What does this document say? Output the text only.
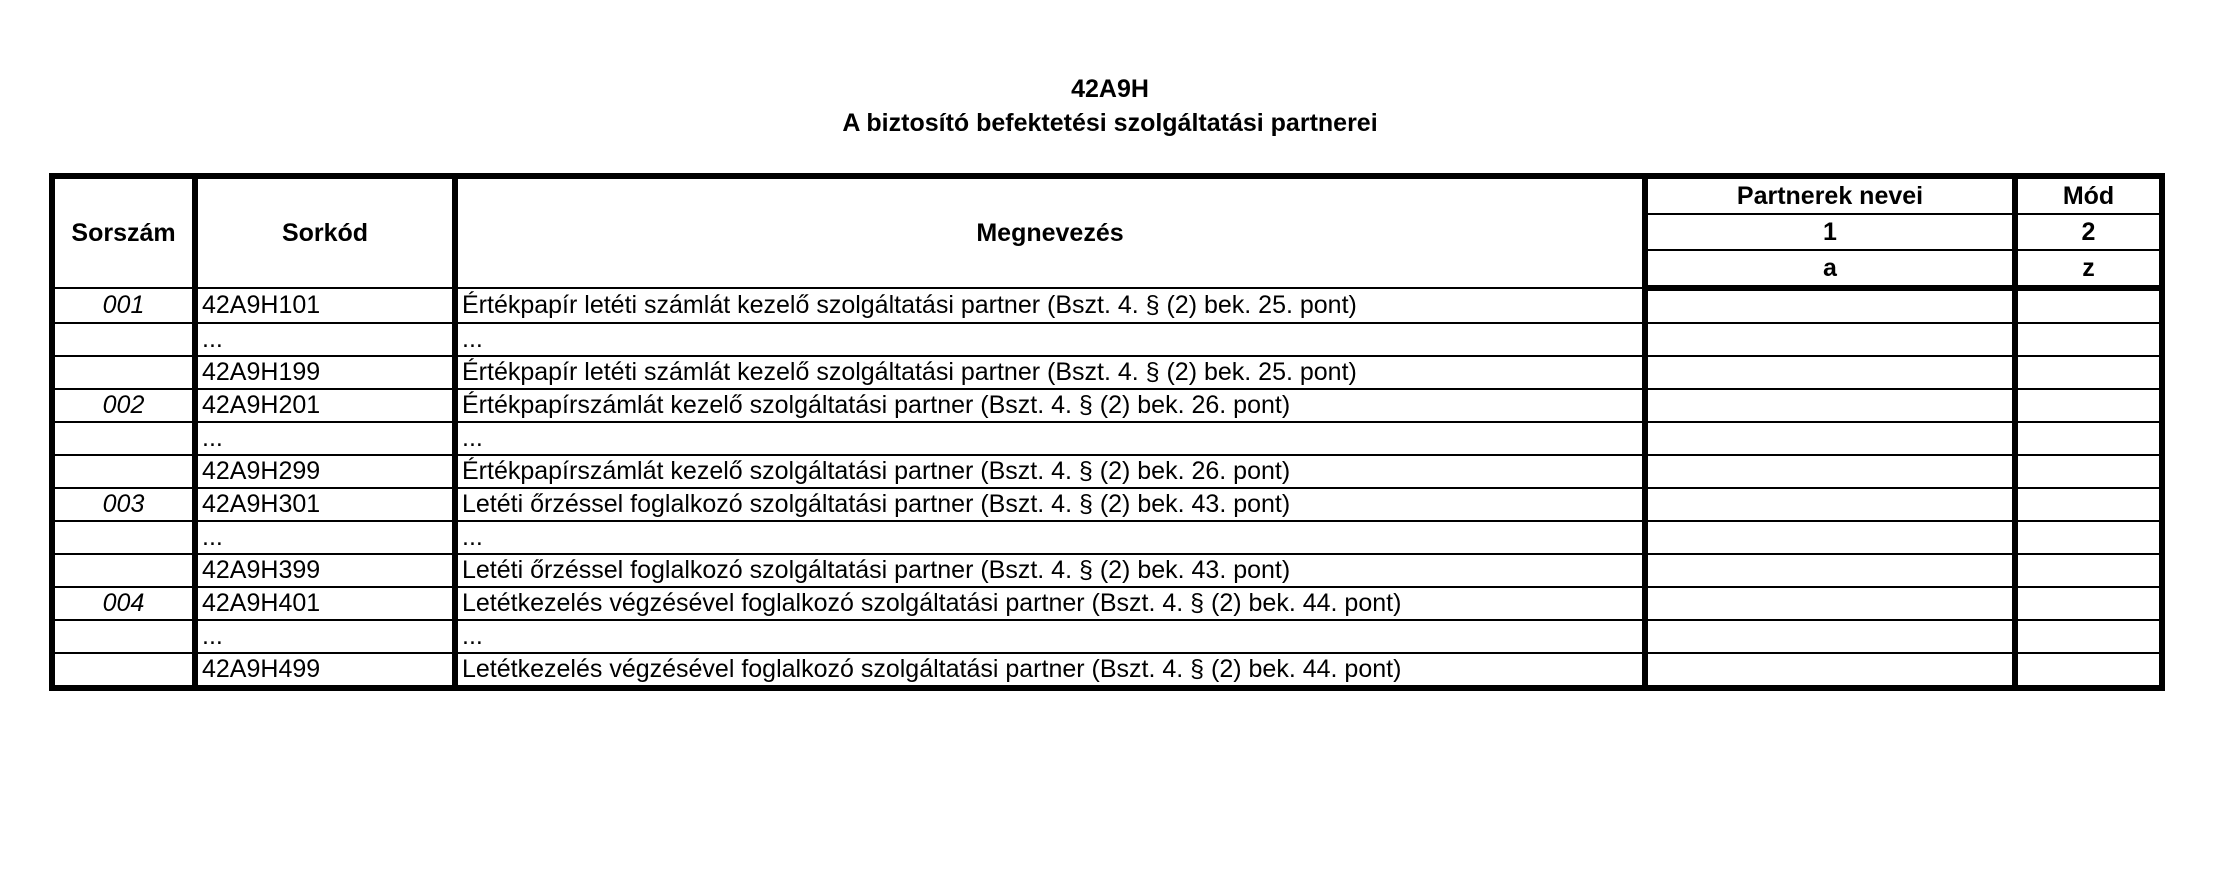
42A9H
A biztosító befektetési szolgáltatási partnerei
Sorszám	Sorkód	Megnevezés	Partnerek nevei	Mód
			1	2
			a	z
001	42A9H101	Értékpapír letéti számlát kezelő szolgáltatási partner (Bszt. 4. § (2) bek. 25. pont)		
	...	...		
	42A9H199	Értékpapír letéti számlát kezelő szolgáltatási partner (Bszt. 4. § (2) bek. 25. pont)		
002	42A9H201	Értékpapírszámlát kezelő szolgáltatási partner (Bszt. 4. § (2) bek. 26. pont)		
	...	...		
	42A9H299	Értékpapírszámlát kezelő szolgáltatási partner (Bszt. 4. § (2) bek. 26. pont)		
003	42A9H301	Letéti őrzéssel foglalkozó szolgáltatási partner (Bszt. 4. § (2) bek. 43. pont)		
	...	...		
	42A9H399	Letéti őrzéssel foglalkozó szolgáltatási partner (Bszt. 4. § (2) bek. 43. pont)		
004	42A9H401	Letétkezelés végzésével foglalkozó szolgáltatási partner (Bszt. 4. § (2) bek. 44. pont)		
	...	...		
	42A9H499	Letétkezelés végzésével foglalkozó szolgáltatási partner (Bszt. 4. § (2) bek. 44. pont)		
